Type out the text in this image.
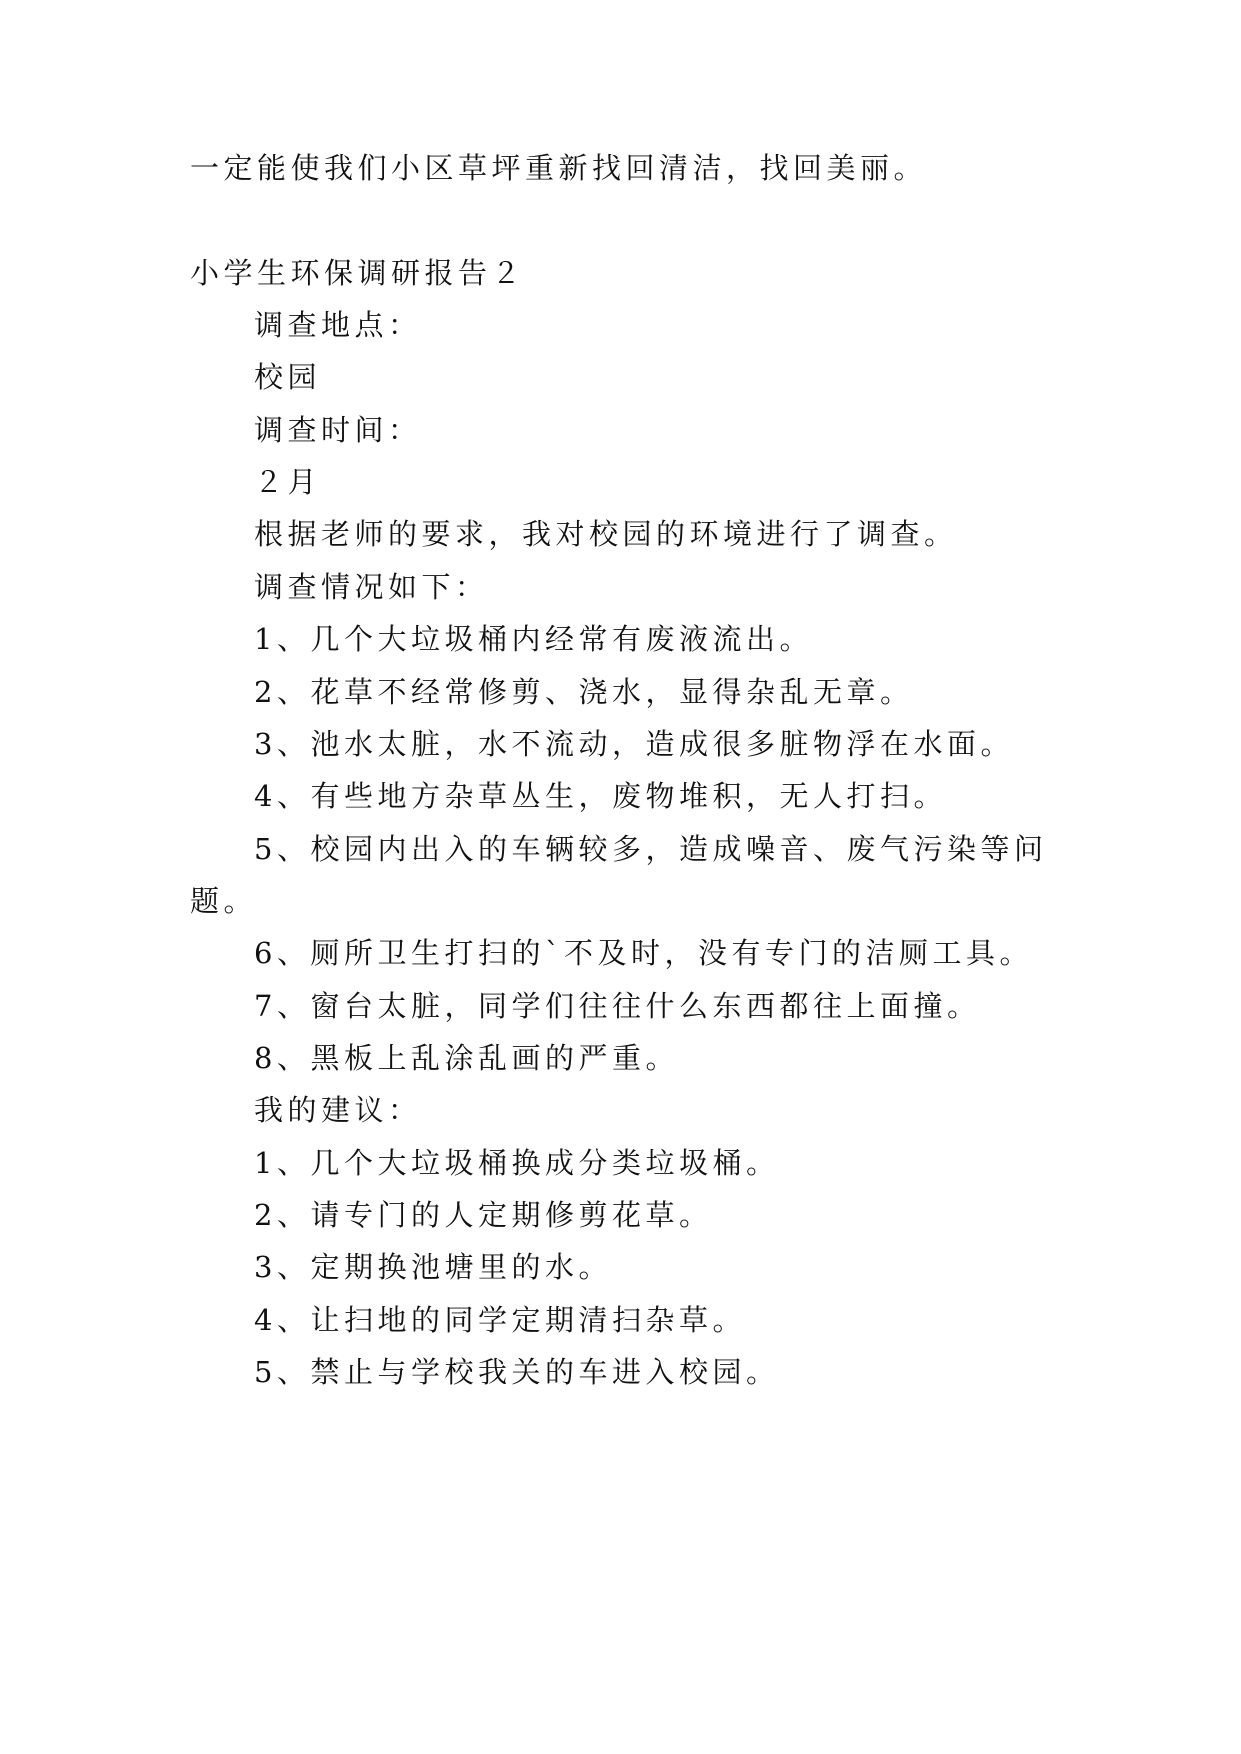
一定能使我们小区草坪重新找回清洁，找回美丽。
小学生环保调研报告２
调查地点：
校园
调查时间：
２月
根据老师的要求，我对校园的环境进行了调查。
调查情况如下：
1、几个大垃圾桶内经常有废液流出。
2、花草不经常修剪、浇水，显得杂乱无章。
3、池水太脏，水不流动，造成很多脏物浮在水面。
4、有些地方杂草丛生，废物堆积，无人打扫。
5、校园内出入的车辆较多，造成噪音、废气污染等问
题。
6、厕所卫生打扫的`不及时，没有专门的洁厕工具。
7、窗台太脏，同学们往往什么东西都往上面撞。
8、黑板上乱涂乱画的严重。
我的建议：
1、几个大垃圾桶换成分类垃圾桶。
2、请专门的人定期修剪花草。
3、定期换池塘里的水。
4、让扫地的同学定期清扫杂草。
5、禁止与学校我关的车进入校园。
